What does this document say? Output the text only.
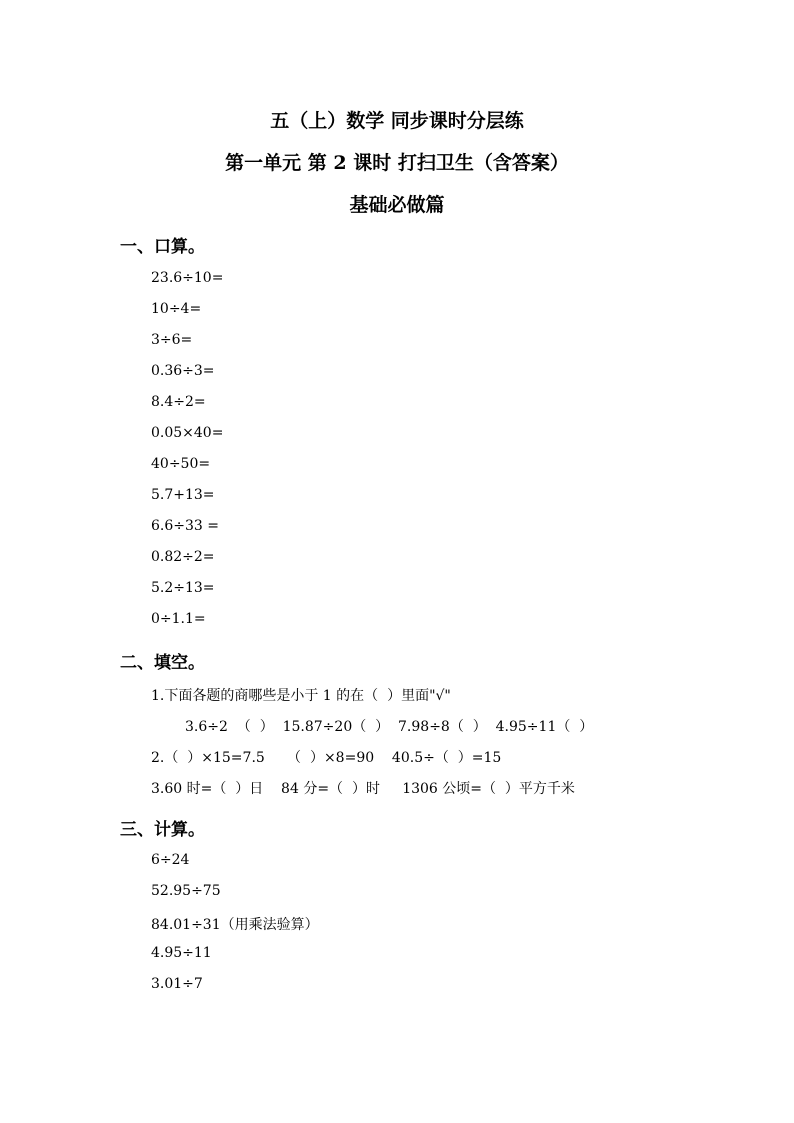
五（上）数学 同步课时分层练
第一单元 第 2 课时 打扫卫生（含答案）
基础必做篇
一、口算。
23.6÷10=
10÷4=
3÷6=
0.36÷3=
8.4÷2=
0.05×40=
40÷50=
5.7+13=
6.6÷33 =
0.82÷2=
5.2÷13=
0÷1.1=
二、填空。
1.下面各题的商哪些是小于 1 的在（  ）里面"√"
3.6÷2  （  ）  15.87÷20（  ）  7.98÷8（  ）  4.95÷11（  ）
2.（  ）×15=7.5     （  ）×8=90    40.5÷（  ）=15
3.60 时=（  ）日    84 分=（  ）时     1306 公顷=（  ）平方千米
三、计算。
6÷24
52.95÷75
84.01÷31（用乘法验算）
4.95÷11
3.01÷7
